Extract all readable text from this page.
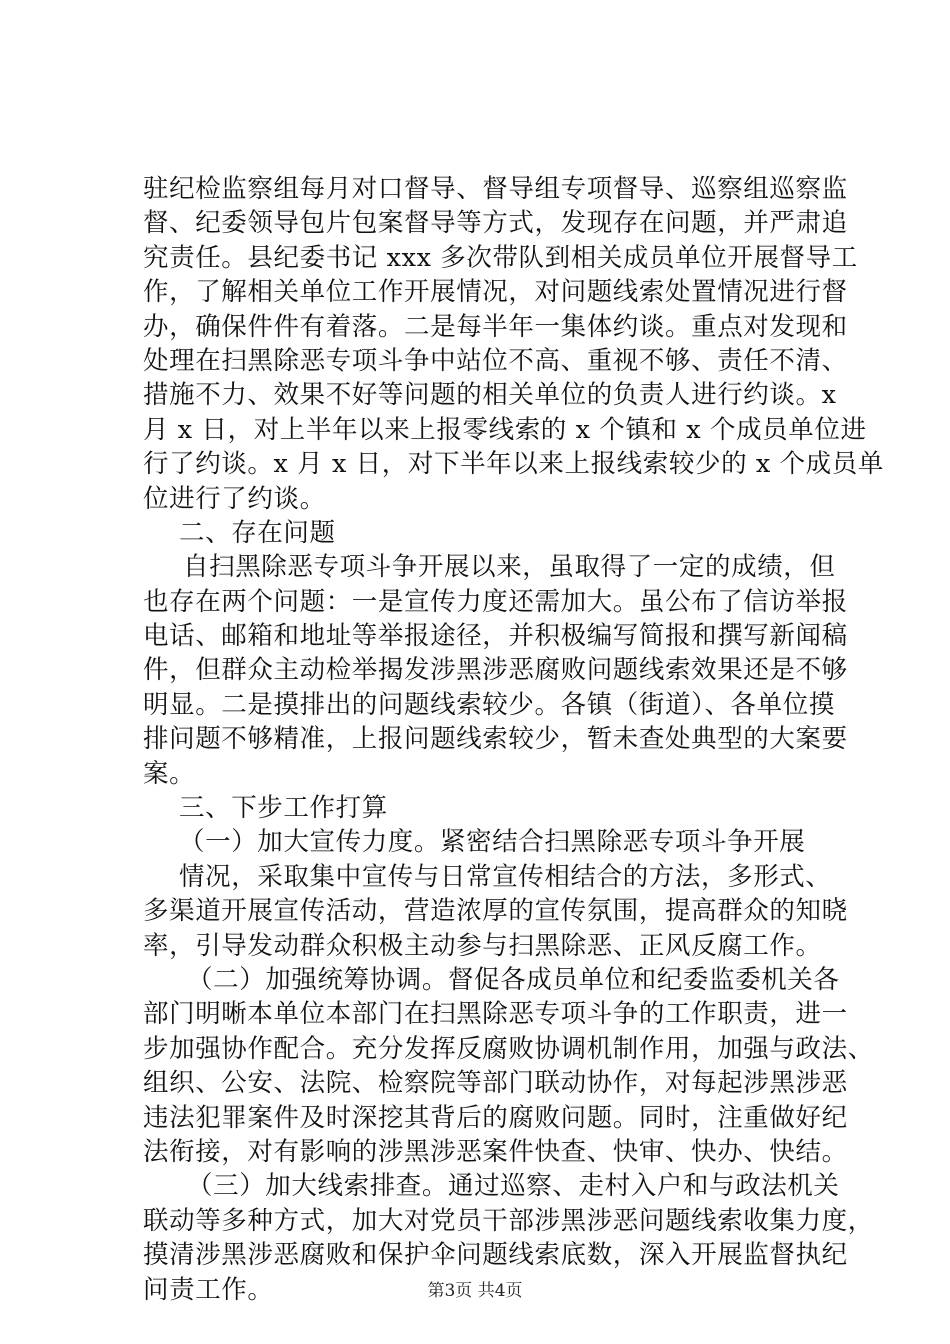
驻纪检监察组每月对口督导、督导组专项督导、巡察组巡察监
督、纪委领导包片包案督导等方式，发现存在问题，并严肃追
究责任。县纪委书记 xxx 多次带队到相关成员单位开展督导工
作，了解相关单位工作开展情况，对问题线索处置情况进行督
办，确保件件有着落。二是每半年一集体约谈。重点对发现和
处理在扫黑除恶专项斗争中站位不高、重视不够、责任不清、
措施不力、效果不好等问题的相关单位的负责人进行约谈。x
月 x 日，对上半年以来上报零线索的 x 个镇和 x 个成员单位进
行了约谈。x 月 x 日，对下半年以来上报线索较少的 x 个成员单
位进行了约谈。
二、存在问题
自扫黑除恶专项斗争开展以来，虽取得了一定的成绩，但
也存在两个问题：一是宣传力度还需加大。虽公布了信访举报
电话、邮箱和地址等举报途径，并积极编写简报和撰写新闻稿
件，但群众主动检举揭发涉黑涉恶腐败问题线索效果还是不够
明显。二是摸排出的问题线索较少。各镇（街道）、各单位摸
排问题不够精准，上报问题线索较少，暂未查处典型的大案要
案。
三、下步工作打算
（一）加大宣传力度。紧密结合扫黑除恶专项斗争开展
情况，采取集中宣传与日常宣传相结合的方法，多形式、
多渠道开展宣传活动，营造浓厚的宣传氛围，提高群众的知晓
率，引导发动群众积极主动参与扫黑除恶、正风反腐工作。
（二）加强统筹协调。督促各成员单位和纪委监委机关各
部门明晰本单位本部门在扫黑除恶专项斗争的工作职责，进一
步加强协作配合。充分发挥反腐败协调机制作用，加强与政法、
组织、公安、法院、检察院等部门联动协作，对每起涉黑涉恶
违法犯罪案件及时深挖其背后的腐败问题。同时，注重做好纪
法衔接，对有影响的涉黑涉恶案件快查、快审、快办、快结。
（三）加大线索排查。通过巡察、走村入户和与政法机关
联动等多种方式，加大对党员干部涉黑涉恶问题线索收集力度，
摸清涉黑涉恶腐败和保护伞问题线索底数，深入开展监督执纪
问责工作。	第3页 共4页
